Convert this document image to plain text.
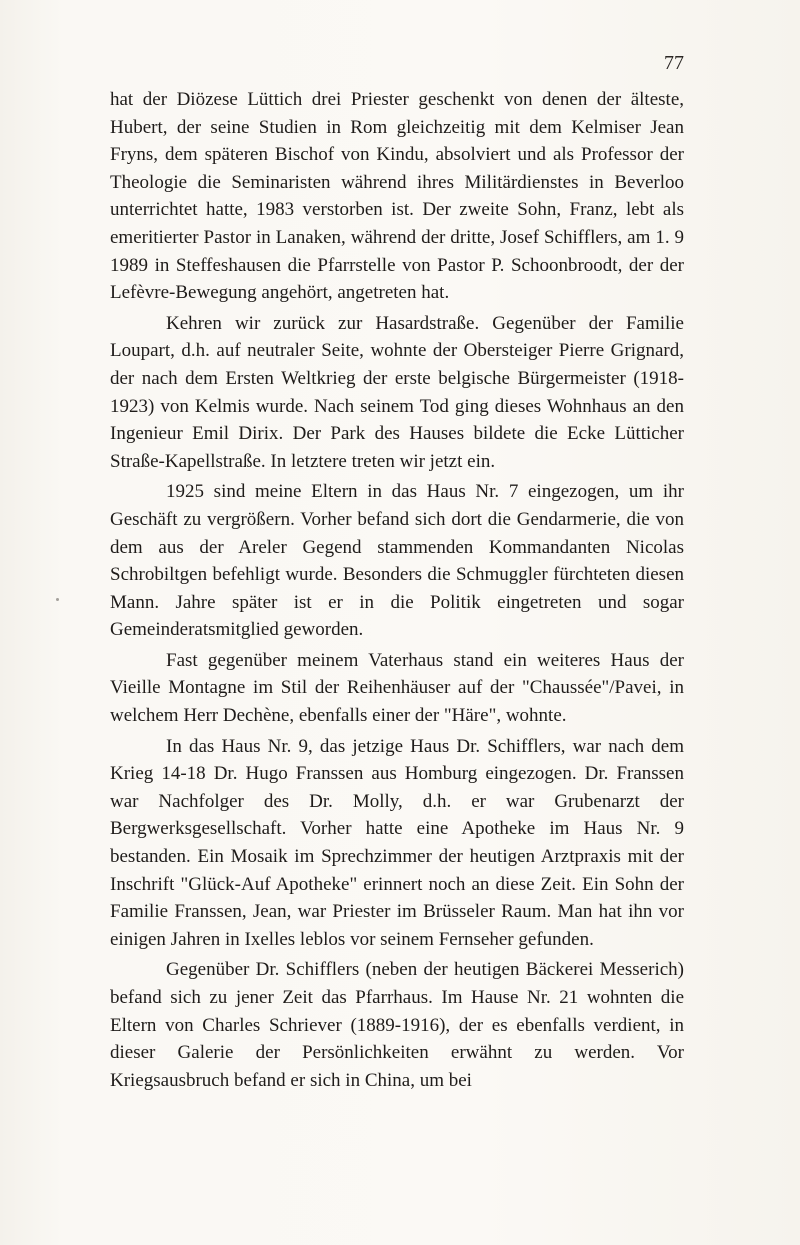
77

hat der Diözese Lüttich drei Priester geschenkt von denen der älteste, Hubert, der seine Studien in Rom gleichzeitig mit dem Kelmiser Jean Fryns, dem späteren Bischof von Kindu, absolviert und als Professor der Theologie die Seminaristen während ihres Militärdienstes in Beverloo unterrichtet hatte, 1983 verstorben ist. Der zweite Sohn, Franz, lebt als emeritierter Pastor in Lanaken, während der dritte, Josef Schifflers, am 1. 9 1989 in Steffeshausen die Pfarrstelle von Pastor P. Schoonbroodt, der der Lefèvre-Bewegung angehört, angetreten hat.

Kehren wir zurück zur Hasardstraße. Gegenüber der Familie Loupart, d.h. auf neutraler Seite, wohnte der Obersteiger Pierre Grignard, der nach dem Ersten Weltkrieg der erste belgische Bürgermeister (1918-1923) von Kelmis wurde. Nach seinem Tod ging dieses Wohnhaus an den Ingenieur Emil Dirix. Der Park des Hauses bildete die Ecke Lütticher Straße-Kapellstraße. In letztere treten wir jetzt ein.

1925 sind meine Eltern in das Haus Nr. 7 eingezogen, um ihr Geschäft zu vergrößern. Vorher befand sich dort die Gendarmerie, die von dem aus der Areler Gegend stammenden Kommandanten Nicolas Schrobiltgen befehligt wurde. Besonders die Schmuggler fürchteten diesen Mann. Jahre später ist er in die Politik eingetreten und sogar Gemeinderatsmitglied geworden.

Fast gegenüber meinem Vaterhaus stand ein weiteres Haus der Vieille Montagne im Stil der Reihenhäuser auf der "Chaussée"/Pavei, in welchem Herr Dechène, ebenfalls einer der "Häre", wohnte.

In das Haus Nr. 9, das jetzige Haus Dr. Schifflers, war nach dem Krieg 14-18 Dr. Hugo Franssen aus Homburg eingezogen. Dr. Franssen war Nachfolger des Dr. Molly, d.h. er war Grubenarzt der Bergwerksgesellschaft. Vorher hatte eine Apotheke im Haus Nr. 9 bestanden. Ein Mosaik im Sprechzimmer der heutigen Arztpraxis mit der Inschrift "Glück-Auf Apotheke" erinnert noch an diese Zeit. Ein Sohn der Familie Franssen, Jean, war Priester im Brüsseler Raum. Man hat ihn vor einigen Jahren in Ixelles leblos vor seinem Fernseher gefunden.

Gegenüber Dr. Schifflers (neben der heutigen Bäckerei Messerich) befand sich zu jener Zeit das Pfarrhaus. Im Hause Nr. 21 wohnten die Eltern von Charles Schriever (1889-1916), der es ebenfalls verdient, in dieser Galerie der Persönlichkeiten erwähnt zu werden. Vor Kriegsausbruch befand er sich in China, um bei
